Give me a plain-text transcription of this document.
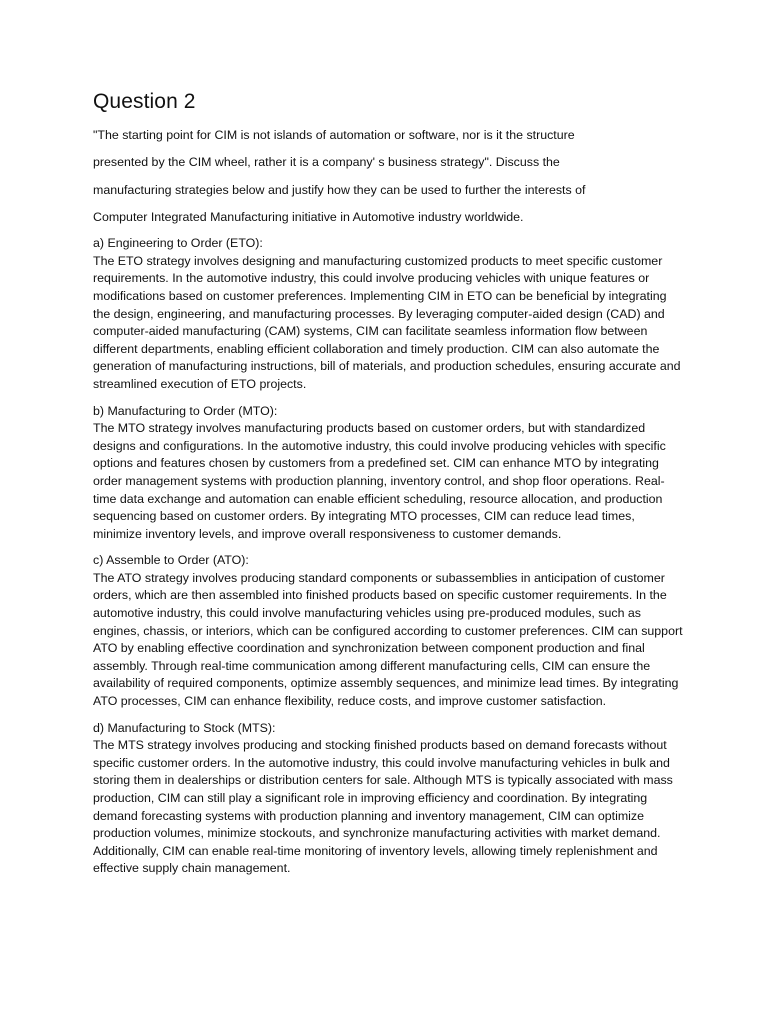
Question 2

"The starting point for CIM is not islands of automation or software, nor is it the structure

presented by the CIM wheel, rather it is a company' s business strategy". Discuss the

manufacturing strategies below and justify how they can be used to further the interests of

Computer Integrated Manufacturing initiative in Automotive industry worldwide.

a) Engineering to Order (ETO):

The ETO strategy involves designing and manufacturing customized products to meet specific customer requirements. In the automotive industry, this could involve producing vehicles with unique features or modifications based on customer preferences. Implementing CIM in ETO can be beneficial by integrating the design, engineering, and manufacturing processes. By leveraging computer-aided design (CAD) and computer-aided manufacturing (CAM) systems, CIM can facilitate seamless information flow between different departments, enabling efficient collaboration and timely production. CIM can also automate the generation of manufacturing instructions, bill of materials, and production schedules, ensuring accurate and streamlined execution of ETO projects.

b) Manufacturing to Order (MTO):

The MTO strategy involves manufacturing products based on customer orders, but with standardized designs and configurations. In the automotive industry, this could involve producing vehicles with specific options and features chosen by customers from a predefined set. CIM can enhance MTO by integrating order management systems with production planning, inventory control, and shop floor operations. Real-time data exchange and automation can enable efficient scheduling, resource allocation, and production sequencing based on customer orders. By integrating MTO processes, CIM can reduce lead times, minimize inventory levels, and improve overall responsiveness to customer demands.

c) Assemble to Order (ATO):

The ATO strategy involves producing standard components or subassemblies in anticipation of customer orders, which are then assembled into finished products based on specific customer requirements. In the automotive industry, this could involve manufacturing vehicles using pre-produced modules, such as engines, chassis, or interiors, which can be configured according to customer preferences. CIM can support ATO by enabling effective coordination and synchronization between component production and final assembly. Through real-time communication among different manufacturing cells, CIM can ensure the availability of required components, optimize assembly sequences, and minimize lead times. By integrating ATO processes, CIM can enhance flexibility, reduce costs, and improve customer satisfaction.

d) Manufacturing to Stock (MTS):

The MTS strategy involves producing and stocking finished products based on demand forecasts without specific customer orders. In the automotive industry, this could involve manufacturing vehicles in bulk and storing them in dealerships or distribution centers for sale. Although MTS is typically associated with mass production, CIM can still play a significant role in improving efficiency and coordination. By integrating demand forecasting systems with production planning and inventory management, CIM can optimize production volumes, minimize stockouts, and synchronize manufacturing activities with market demand. Additionally, CIM can enable real-time monitoring of inventory levels, allowing timely replenishment and effective supply chain management.
